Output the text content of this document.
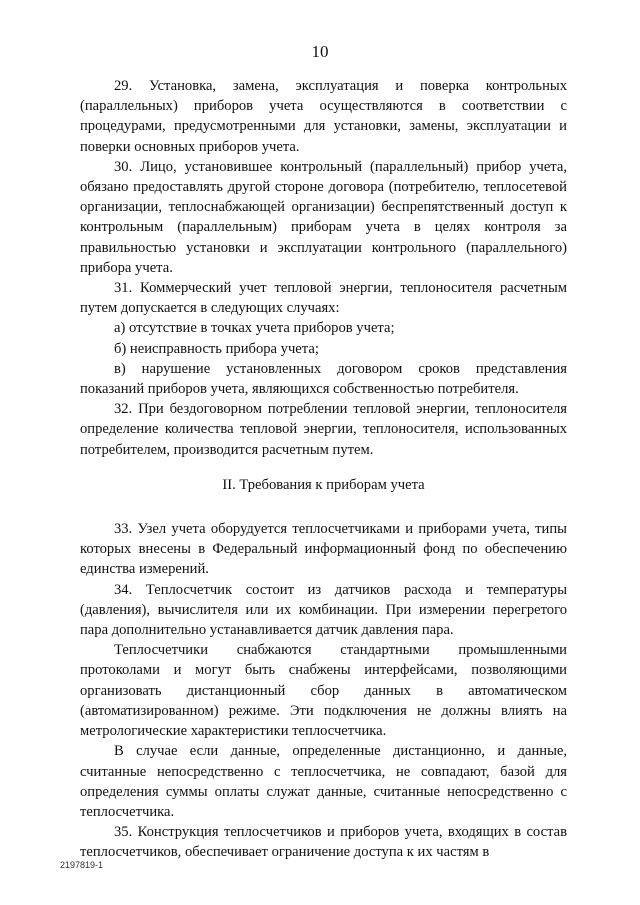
10

29. Установка, замена, эксплуатация и поверка контрольных (параллельных) приборов учета осуществляются в соответствии с процедурами, предусмотренными для установки, замены, эксплуатации и поверки основных приборов учета.

30. Лицо, установившее контрольный (параллельный) прибор учета, обязано предоставлять другой стороне договора (потребителю, теплосетевой организации, теплоснабжающей организации) беспрепятственный доступ к контрольным (параллельным) приборам учета в целях контроля за правильностью установки и эксплуатации контрольного (параллельного) прибора учета.

31. Коммерческий учет тепловой энергии, теплоносителя расчетным путем допускается в следующих случаях:

а) отсутствие в точках учета приборов учета;

б) неисправность прибора учета;

в) нарушение установленных договором сроков представления показаний приборов учета, являющихся собственностью потребителя.

32. При бездоговорном потреблении тепловой энергии, теплоносителя определение количества тепловой энергии, теплоносителя, использованных потребителем, производится расчетным путем.

II. Требования к приборам учета

33. Узел учета оборудуется теплосчетчиками и приборами учета, типы которых внесены в Федеральный информационный фонд по обеспечению единства измерений.

34. Теплосчетчик состоит из датчиков расхода и температуры (давления), вычислителя или их комбинации. При измерении перегретого пара дополнительно устанавливается датчик давления пара.

Теплосчетчики снабжаются стандартными промышленными протоколами и могут быть снабжены интерфейсами, позволяющими организовать дистанционный сбор данных в автоматическом (автоматизированном) режиме. Эти подключения не должны влиять на метрологические характеристики теплосчетчика.

В случае если данные, определенные дистанционно, и данные, считанные непосредственно с теплосчетчика, не совпадают, базой для определения суммы оплаты служат данные, считанные непосредственно с теплосчетчика.

35. Конструкция теплосчетчиков и приборов учета, входящих в состав теплосчетчиков, обеспечивает ограничение доступа к их частям в

2197819-1
